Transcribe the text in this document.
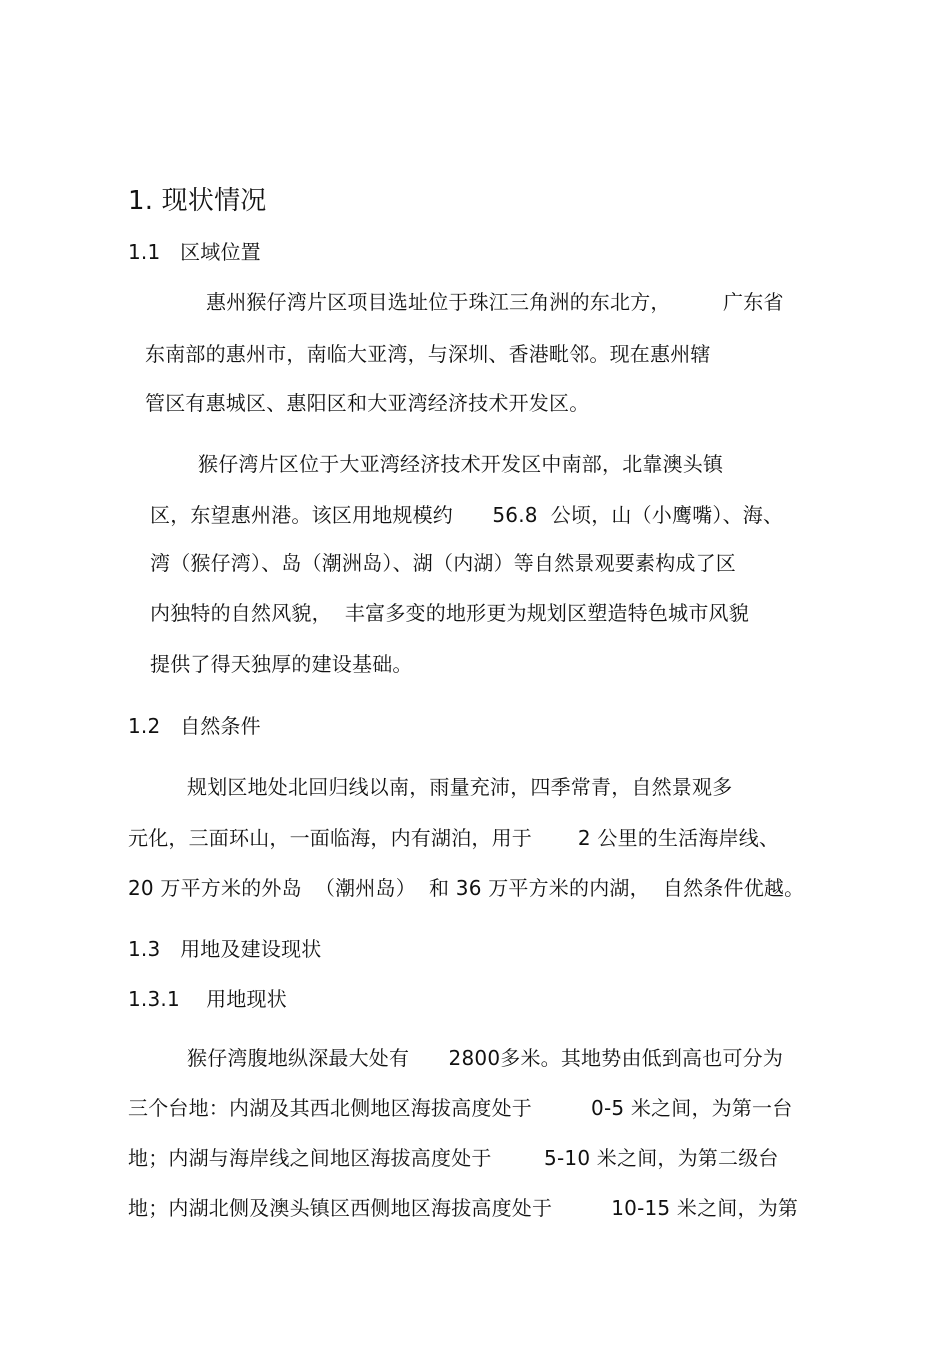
1. 现状情况
1.1   区域位置
惠州猴仔湾片区项目选址位于珠江三角洲的东北方，        广东省
东南部的惠州市，南临大亚湾，与深圳、香港毗邻。现在惠州辖
管区有惠城区、惠阳区和大亚湾经济技术开发区。
猴仔湾片区位于大亚湾经济技术开发区中南部，北靠澳头镇
区，东望惠州港。该区用地规模约      56.8  公顷，山（小鹰嘴）、海、
湾（猴仔湾）、岛（潮洲岛）、湖（内湖）等自然景观要素构成了区
内独特的自然风貌，  丰富多变的地形更为规划区塑造特色城市风貌
提供了得天独厚的建设基础。
1.2   自然条件
规划区地处北回归线以南，雨量充沛，四季常青，自然景观多
元化，三面环山，一面临海，内有湖泊，用于       2 公里的生活海岸线、
20 万平方米的外岛  （潮州岛）  和 36 万平方米的内湖，  自然条件优越。
1.3   用地及建设现状
1.3.1    用地现状
猴仔湾腹地纵深最大处有      2800多米。其地势由低到高也可分为
三个台地：内湖及其西北侧地区海拔高度处于         0-5 米之间，为第一台
地；内湖与海岸线之间地区海拔高度处于        5-10 米之间，为第二级台
地；内湖北侧及澳头镇区西侧地区海拔高度处于         10-15 米之间，为第
